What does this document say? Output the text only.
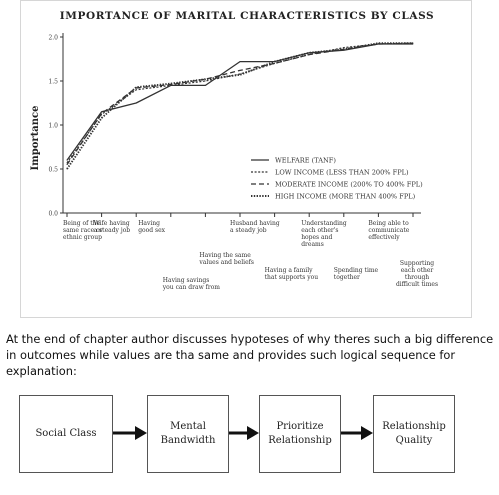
IMPORTANCE OF MARITAL CHARACTERISTICS BY CLASS
Importance
0.0
0.5
1.0
1.5
2.0
WELFARE (TANF)
LOW INCOME (LESS THAN 200% FPL)
MODERATE INCOME (200% TO 400% FPL)
HIGH INCOME (MORE THAN 400% FPL)
Being of the same race or ethnic group
Wife having a steady job
Having good sex
Having savings you can draw from
Having the same values and beliefs
Husband having a steady job
Having a family that supports you
Understanding each other's hopes and dreams
Spending time together
Being able to communicate effectively
Supporting each other through difficult times

At the end of chapter author discusses hypoteses of why theres such a big difference in outcomes while values are tha same and provides such logical sequence for explanation:

Social Class
Mental
Bandwidth
Prioritize
Relationship
Relationship
Quality
